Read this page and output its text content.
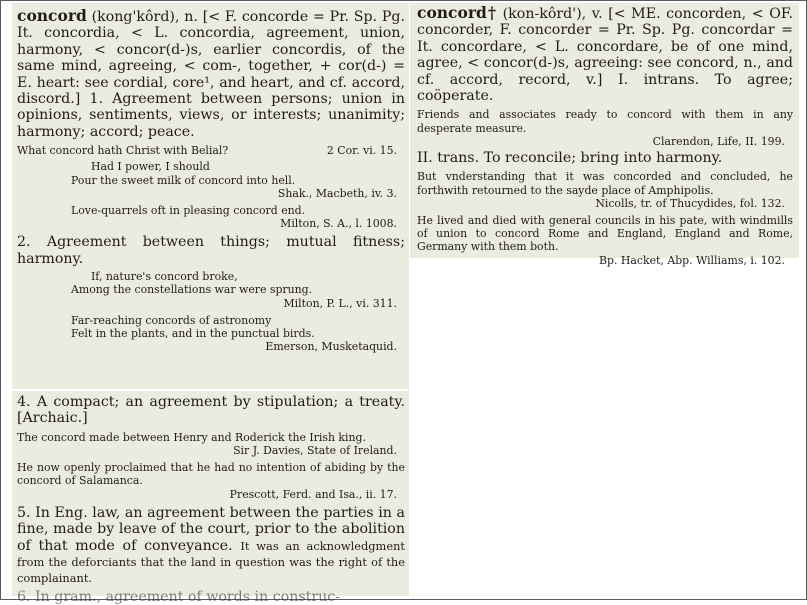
concord (kong'kôrd), n. [< F. concorde = Pr. Sp. Pg. It. concordia, < L. concordia, agreement, union, harmony, < concor(d-)s, earlier concordis, of the same mind, agreeing, < com-, together, + cor(d-) = E. heart: see cordial, core¹, and heart, and cf. accord, discord.] 1. Agreement between persons; union in opinions, sentiments, views, or interests; unanimity; harmony; accord; peace.

What concord hath Christ with Belial?	2 Cor. vi. 15.

Had I power, I should

Pour the sweet milk of concord into hell.

Shak., Macbeth, iv. 3.

Love-quarrels oft in pleasing concord end.

Milton, S. A., l. 1008.

2. Agreement between things; mutual fitness; harmony.

If, nature's concord broke,

Among the constellations war were sprung.

Milton, P. L., vi. 311.

Far-reaching concords of astronomy

Felt in the plants, and in the punctual birds.

Emerson, Musketaquid.

4. A compact; an agreement by stipulation; a treaty. [Archaic.]

The concord made between Henry and Roderick the Irish king.

Sir J. Davies, State of Ireland.

He now openly proclaimed that he had no intention of abiding by the concord of Salamanca.

Prescott, Ferd. and Isa., ii. 17.

5. In Eng. law, an agreement between the parties in a fine, made by leave of the court, prior to the abolition of that mode of conveyance. It was an acknowledgment from the deforciants that the land in question was the right of the complainant.

6. In gram., agreement of words in construc-

concord† (kon-kôrd'), v. [< ME. concorden, < OF. concorder, F. concorder = Pr. Sp. Pg. concordar = It. concordare, < L. concordare, be of one mind, agree, < concor(d-)s, agreeing: see concord, n., and cf. accord, record, v.] I. intrans. To agree; coöperate.

Friends and associates ready to concord with them in any desperate measure.

Clarendon, Life, II. 199.

II. trans. To reconcile; bring into harmony.

But vnderstanding that it was concorded and concluded, he forthwith retourned to the sayde place of Amphipolis.

Nicolls, tr. of Thucydides, fol. 132.

He lived and died with general councils in his pate, with windmills of union to concord Rome and England, England and Rome, Germany with them both.

Bp. Hacket, Abp. Williams, i. 102.
